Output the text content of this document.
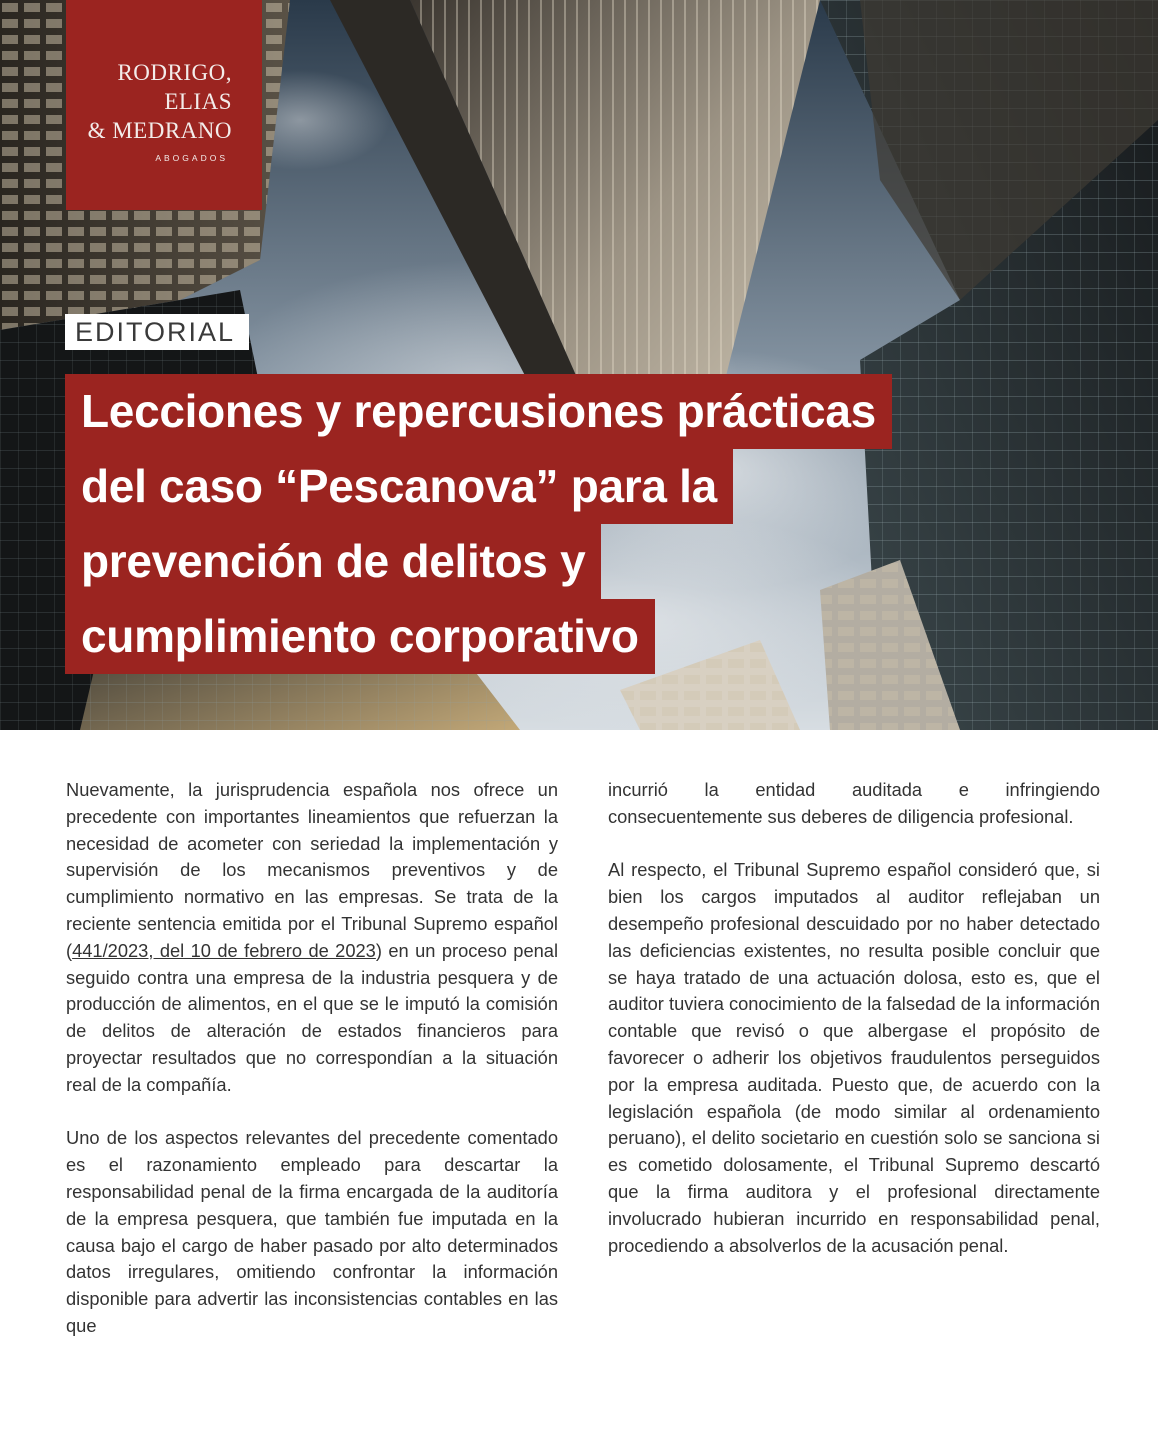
RODRIGO,
ELIAS
& MEDRANO
ABOGADOS
EDITORIAL
Lecciones y repercusiones prácticas
del caso “Pescanova” para la
prevención de delitos y
cumplimiento corporativo

Nuevamente, la jurisprudencia española nos ofrece un precedente con importantes lineamientos que refuerzan la necesidad de acometer con seriedad la implementación y supervisión de los mecanismos preventivos y de cumplimiento normativo en las empresas. Se trata de la reciente sentencia emitida por el Tribunal Supremo español (441/2023, del 10 de febrero de 2023) en un proceso penal seguido contra una empresa de la industria pesquera y de producción de alimentos, en el que se le imputó la comisión de delitos de alteración de estados financieros para proyectar resultados que no correspondían a la situación real de la compañía.

Uno de los aspectos relevantes del precedente comentado es el razonamiento empleado para descartar la responsabilidad penal de la firma encargada de la auditoría de la empresa pesquera, que también fue imputada en la causa bajo el cargo de haber pasado por alto determinados datos irregulares, omitiendo confrontar la información disponible para advertir las inconsistencias contables en las que

incurrió la entidad auditada e infringiendo consecuentemente sus deberes de diligencia profesional.

Al respecto, el Tribunal Supremo español consideró que, si bien los cargos imputados al auditor reflejaban un desempeño profesional descuidado por no haber detectado las deficiencias existentes, no resulta posible concluir que se haya tratado de una actuación dolosa, esto es, que el auditor tuviera conocimiento de la falsedad de la información contable que revisó o que albergase el propósito de favorecer o adherir los objetivos fraudulentos perseguidos por la empresa auditada. Puesto que, de acuerdo con la legislación española (de modo similar al ordenamiento peruano), el delito societario en cuestión solo se sanciona si es cometido dolosamente, el Tribunal Supremo descartó que la firma auditora y el profesional directamente involucrado hubieran incurrido en responsabilidad penal, procediendo a absolverlos de la acusación penal.
